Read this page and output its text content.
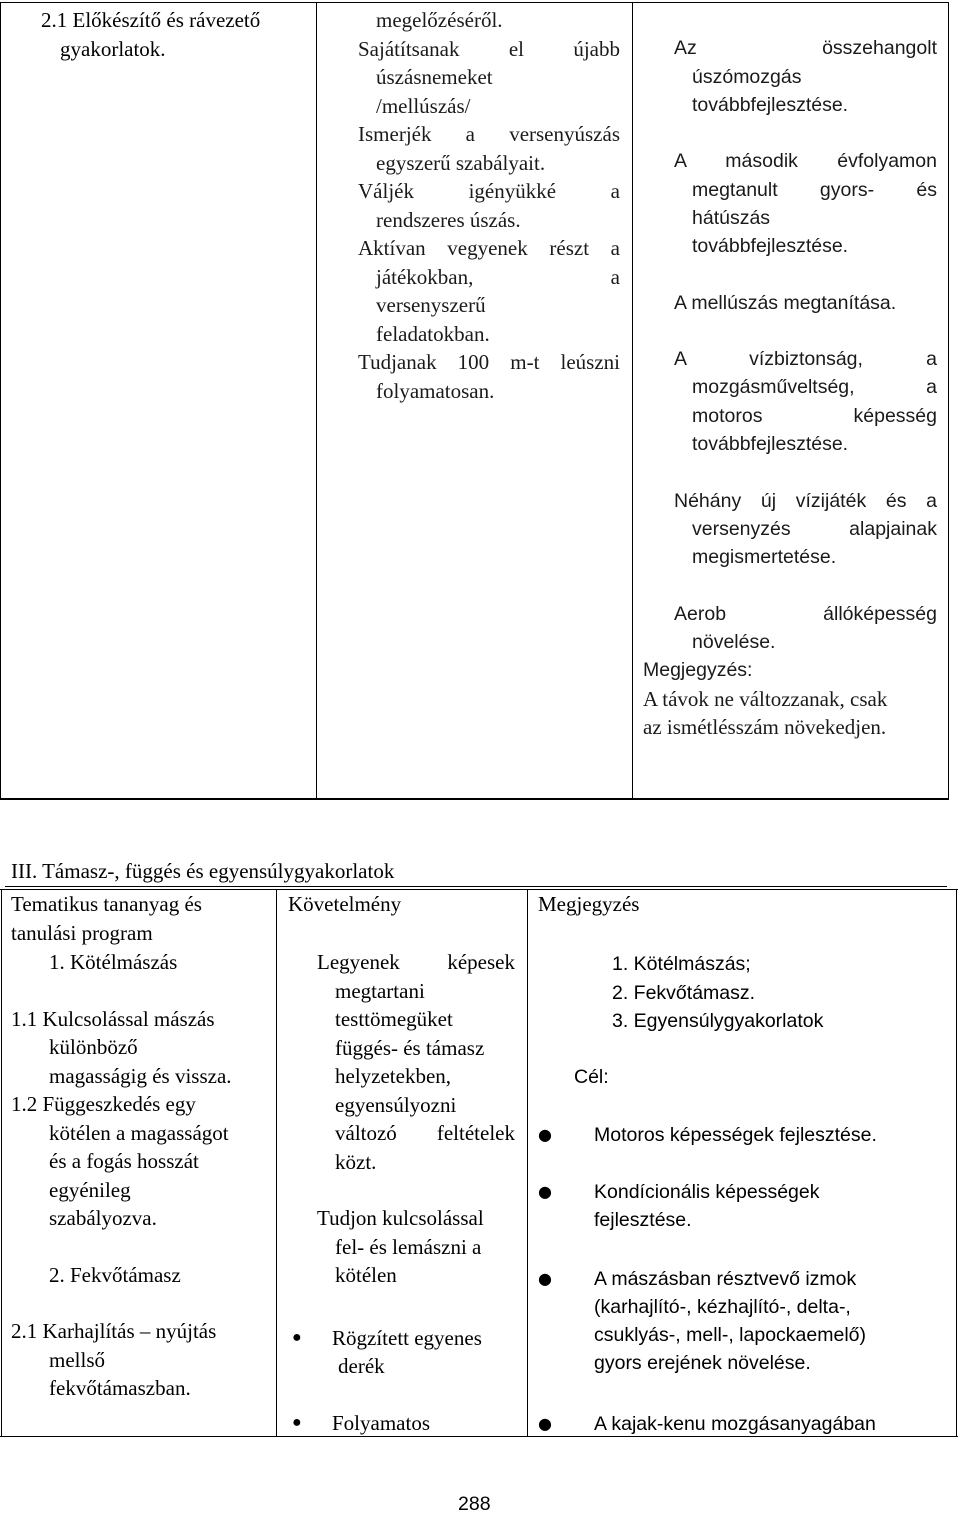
2.1 Előkészítő és rávezető
gyakorlatok.
megelőzéséről.
Sajátítsanak el újabb
úszásnemeket
/mellúszás/
Ismerjék a versenyúszás
egyszerű szabályait.
Váljék igényükké a
rendszeres úszás.
Aktívan vegyenek részt a
játékokban, a
versenyszerű
feladatokban.
Tudjanak 100 m-t leúszni
folyamatosan.
Az összehangolt
úszómozgás
továbbfejlesztése.
A második évfolyamon
megtanult gyors- és
hátúszás
továbbfejlesztése.
A mellúszás megtanítása.
A vízbiztonság, a
mozgásműveltség, a
motoros képesség
továbbfejlesztése.
Néhány új vízijáték és a
versenyzés alapjainak
megismertetése.
Aerob állóképesség
növelése.
Megjegyzés:
A távok ne változzanak, csak
az ismétlésszám növekedjen.
III. Támasz-, függés és egyensúlygyakorlatok
Tematikus tananyag és
tanulási program
Követelmény	Megjegyzés
1. Kötélmászás
1.1 Kulcsolással mászás
különböző
magasságig és vissza.
1.2 Függeszkedés egy
kötélen a magasságot
és a fogás hosszát
egyénileg
szabályozva.
2. Fekvőtámasz
2.1 Karhajlítás – nyújtás
mellső
fekvőtámaszban.
Legyenek képesek
megtartani
testtömegüket
függés- és támasz
helyzetekben,
egyensúlyozni
változó feltételek
közt.
Tudjon kulcsolással
fel- és lemászni a
kötélen
● Rögzített egyenes
derék
● Folyamatos
1. Kötélmászás;
2. Fekvőtámasz.
3. Egyensúlygyakorlatok
Cél:
● Motoros képességek fejlesztése.
● Kondícionális képességek
fejlesztése.
● A mászásban résztvevő izmok
(karhajlító-, kézhajlító-, delta-,
csuklyás-, mell-, lapockaemelő)
gyors erejének növelése.
● A kajak-kenu mozgásanyagában
288
